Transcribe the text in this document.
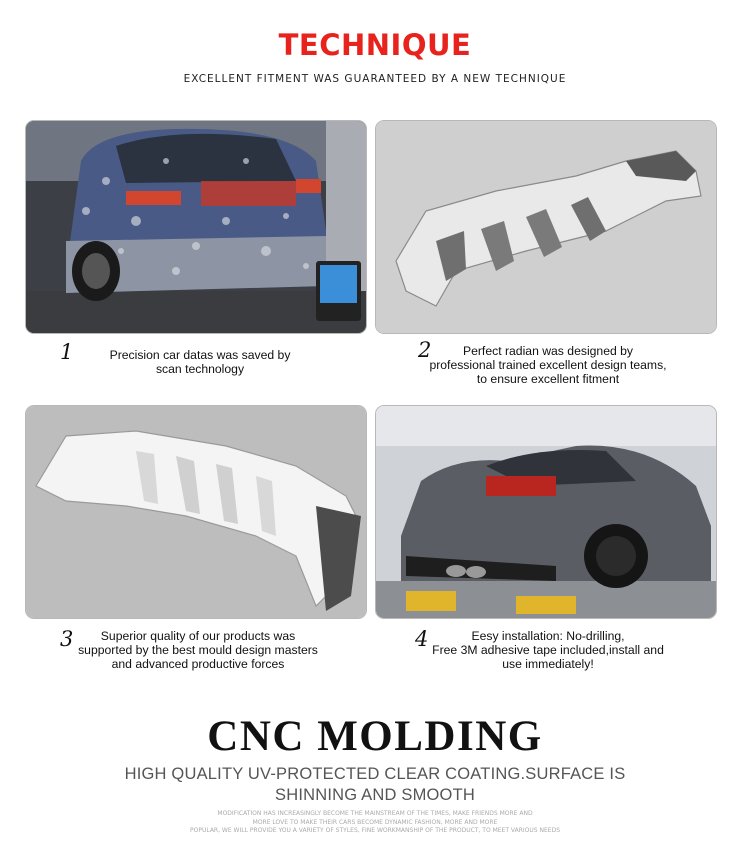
TECHNIQUE
EXCELLENT FITMENT WAS GUARANTEED BY A NEW TECHNIQUE
1	Precision car datas was saved by
scan technology
2	Perfect radian was designed by
professional trained excellent design teams,
to ensure excellent fitment
3	Superior quality of our products was
supported by the best mould design masters
and advanced productive forces
4	Eesy installation: No-drilling,
Free 3M adhesive tape included,install and
use immediately!
CNC MOLDING
HIGH QUALITY UV-PROTECTED CLEAR COATING.SURFACE IS
SHINNING AND SMOOTH
MODIFICATION HAS INCREASINGLY BECOME THE MAINSTREAM OF THE TIMES, MAKE FRIENDS MORE AND
MORE LOVE TO MAKE THEIR CARS BECOME DYNAMIC FASHION, MORE AND MORE
POPULAR, WE WILL PROVIDE YOU A VARIETY OF STYLES, FINE WORKMANSHIP OF THE PRODUCT, TO MEET VARIOUS NEEDS
